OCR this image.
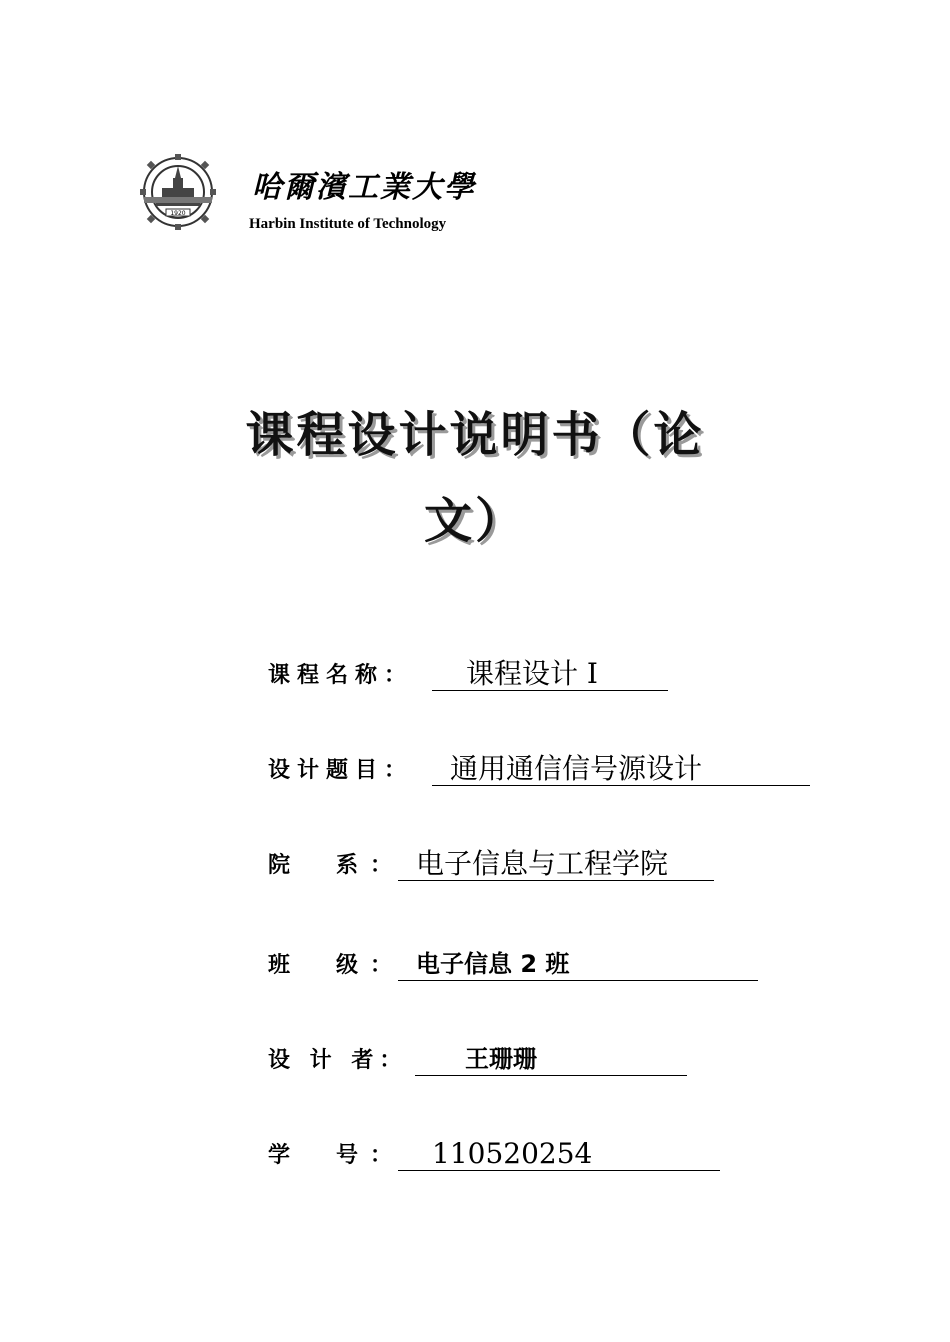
1920
哈爾濱工業大學
Harbin Institute of Technology
课程设计说明书（论
文）
课程名称：	课程设计 I
设计题目：	通用通信信号源设计
院　系： 电子信息与工程学院
班　级： 电子信息 2 班
设 计 者：	王珊珊
学　号： 110520254
